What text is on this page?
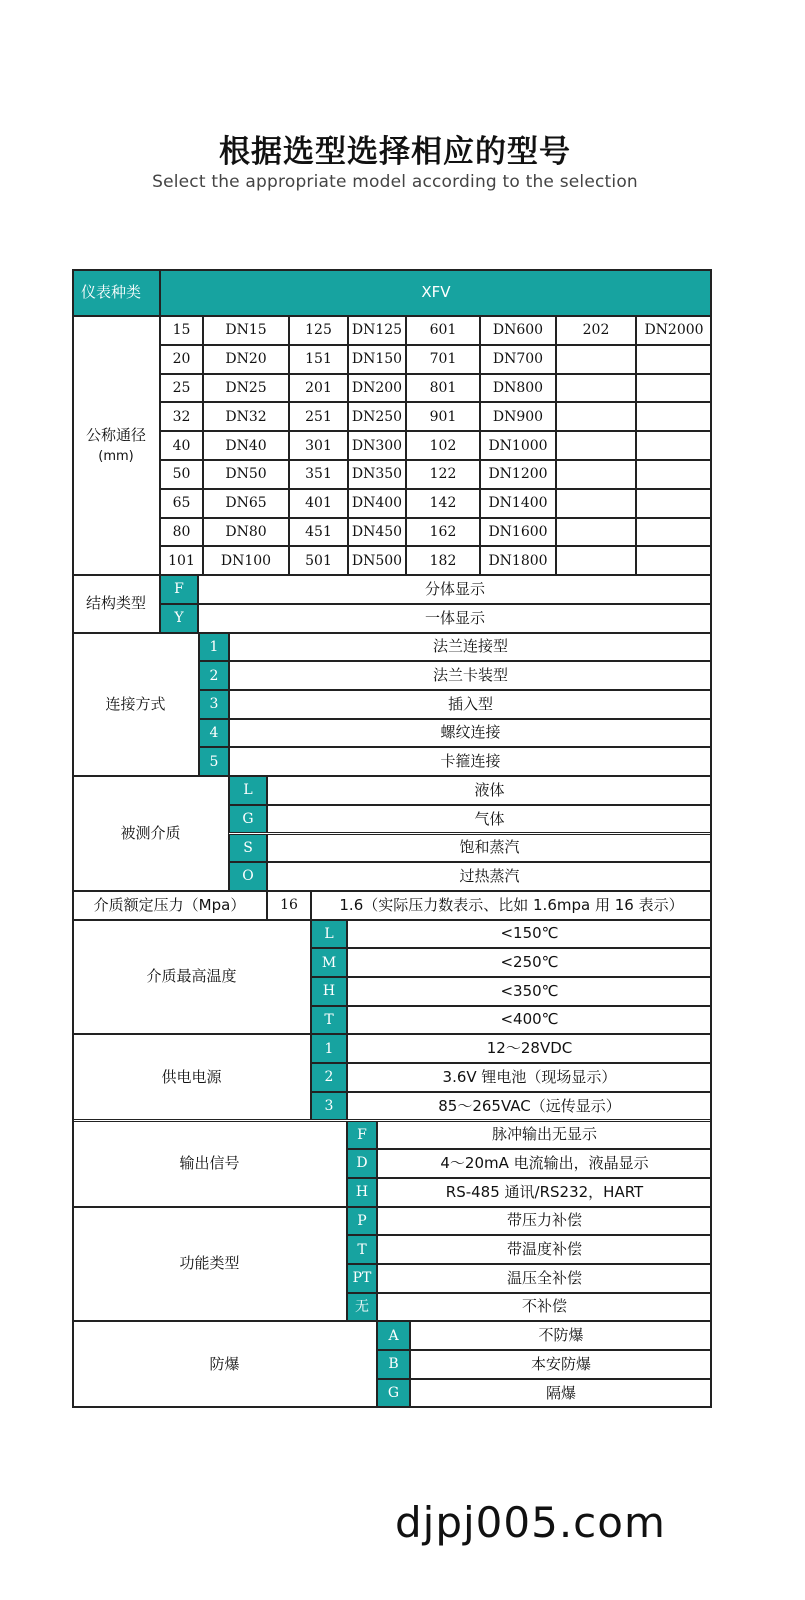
根据选型选择相应的型号
Select the appropriate model according to the selection
仪表种类	XFV
公称通径
(mm)
15	DN15	125	DN125	601	DN600	202	DN2000
20	DN20	151	DN150	701	DN700
25	DN25	201	DN200	801	DN800
32	DN32	251	DN250	901	DN900
40	DN40	301	DN300	102	DN1000
50	DN50	351	DN350	122	DN1200
65	DN65	401	DN400	142	DN1400
80	DN80	451	DN450	162	DN1600
101	DN100	501	DN500	182	DN1800
结构类型
F	分体显示
Y	一体显示
连接方式
1	法兰连接型
2	法兰卡装型
3	插入型
4	螺纹连接
5	卡箍连接
被测介质
L	液体
G	气体
S	饱和蒸汽
O	过热蒸汽
介质额定压力（Mpa）	16	1.6（实际压力数表示、比如 1.6mpa 用 16 表示）
介质最高温度
L	<150℃
M	<250℃
H	<350℃
T	<400℃
供电电源
1	12～28VDC
2	3.6V 锂电池（现场显示）
3	85～265VAC（远传显示）
输出信号
F	脉冲输出无显示
D	4～20mA 电流输出，液晶显示
H	RS-485 通讯/RS232，HART
功能类型
P	带压力补偿
T	带温度补偿
PT	温压全补偿
无	不补偿
防爆
A	不防爆
B	本安防爆
G	隔爆
djpj005.com
